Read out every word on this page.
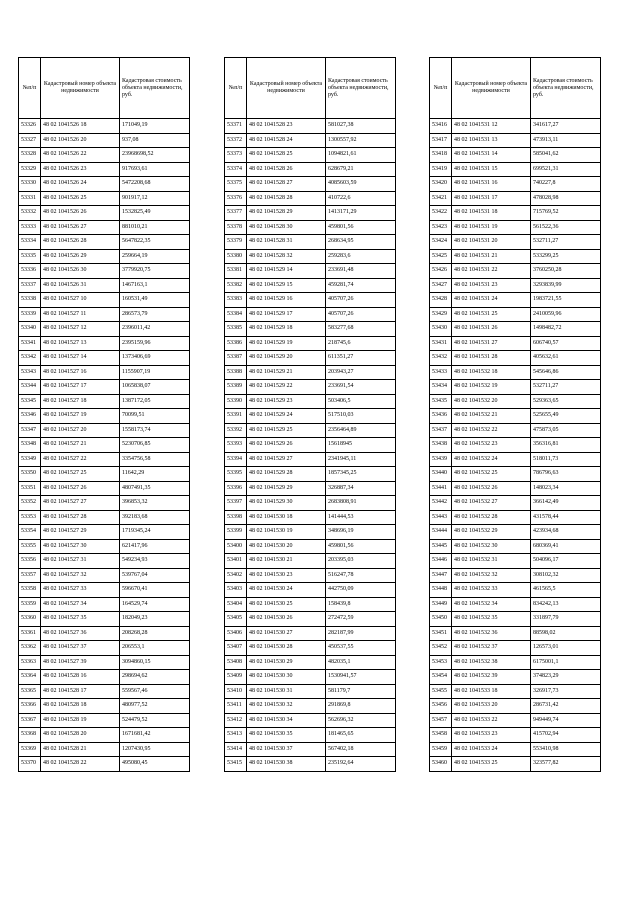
№п/п	Кадастровый номер объекта недвижимости	Кадастровая стоимость объекта недвижимости, руб.
53326	48 02 1041526 18	171049,19
53327	48 02 1041526 20	937,08
53328	48 02 1041526 22	23968698,52
53329	48 02 1041526 23	917693,61
53330	48 02 1041526 24	5472208,68
53331	48 02 1041526 25	901917,12
53332	48 02 1041526 26	1532825,49
53333	48 02 1041526 27	881010,21
53334	48 02 1041526 28	5647822,35
53335	48 02 1041526 29	259664,19
53336	48 02 1041526 30	3779920,75
53337	48 02 1041526 31	1467163,1
53338	48 02 1041527 10	160531,49
53339	48 02 1041527 11	286573,79
53340	48 02 1041527 12	2396011,42
53341	48 02 1041527 13	2395159,96
53342	48 02 1041527 14	1373406,69
53343	48 02 1041527 16	1155907,19
53344	48 02 1041527 17	1065838,07
53345	48 02 1041527 18	1387172,05
53346	48 02 1041527 19	70099,51
53347	48 02 1041527 20	1558173,74
53348	48 02 1041527 21	5230706,85
53349	48 02 1041527 22	3354756,58
53350	48 02 1041527 25	11642,29
53351	48 02 1041527 26	4807491,35
53352	48 02 1041527 27	396853,32
53353	48 02 1041527 28	392183,68
53354	48 02 1041527 29	1719345,24
53355	48 02 1041527 30	621417,96
53356	48 02 1041527 31	549234,93
53357	48 02 1041527 32	539767,04
53358	48 02 1041527 33	596670,41
53359	48 02 1041527 34	164529,74
53360	48 02 1041527 35	182049,23
53361	48 02 1041527 36	208268,28
53362	48 02 1041527 37	206553,1
53363	48 02 1041527 39	3094860,15
53364	48 02 1041528 16	298694,62
53365	48 02 1041528 17	559567,46
53366	48 02 1041528 18	480977,52
53367	48 02 1041528 19	524479,52
53368	48 02 1041528 20	1671681,42
53369	48 02 1041528 21	1207430,95
53370	48 02 1041528 22	495080,45
№п/п	Кадастровый номер объекта недвижимости	Кадастровая стоимость объекта недвижимости, руб.
53371	48 02 1041528 23	581027,38
53372	48 02 1041528 24	1300557,92
53373	48 02 1041528 25	1094821,61
53374	48 02 1041528 26	628679,21
53375	48 02 1041528 27	4085603,59
53376	48 02 1041528 28	410722,6
53377	48 02 1041528 29	1413171,29
53378	48 02 1041528 30	459801,56
53379	48 02 1041528 31	268634,95
53380	48 02 1041528 32	259283,6
53381	48 02 1041529 14	233691,48
53382	48 02 1041529 15	459281,74
53383	48 02 1041529 16	405707,26
53384	48 02 1041529 17	405707,26
53385	48 02 1041529 18	583277,68
53386	48 02 1041529 19	218745,6
53387	48 02 1041529 20	611351,27
53388	48 02 1041529 21	203943,27
53389	48 02 1041529 22	233691,54
53390	48 02 1041529 23	503406,5
53391	48 02 1041529 24	517510,03
53392	48 02 1041529 25	2356464,89
53393	48 02 1041529 26	15618945
53394	48 02 1041529 27	2341945,11
53395	48 02 1041529 28	1857345,25
53396	48 02 1041529 29	326887,34
53397	48 02 1041529 30	2683808,91
53398	48 02 1041530 18	141444,53
53399	48 02 1041530 19	348696,19
53400	48 02 1041530 20	459801,56
53401	48 02 1041530 21	203395,03
53402	48 02 1041530 23	516247,78
53403	48 02 1041530 24	442750,09
53404	48 02 1041530 25	158439,8
53405	48 02 1041530 26	272472,59
53406	48 02 1041530 27	282187,99
53407	48 02 1041530 28	450537,55
53408	48 02 1041530 29	482035,1
53409	48 02 1041530 30	1530941,57
53410	48 02 1041530 31	581179,7
53411	48 02 1041530 32	291869,8
53412	48 02 1041530 34	562696,32
53413	48 02 1041530 35	181465,65
53414	48 02 1041530 37	567402,18
53415	48 02 1041530 38	235192,64
№п/п	Кадастровый номер объекта недвижимости	Кадастровая стоимость объекта недвижимости, руб.
53416	48 02 1041531 12	341617,27
53417	48 02 1041531 13	473913,11
53418	48 02 1041531 14	585041,62
53419	48 02 1041531 15	699521,31
53420	48 02 1041531 16	740227,8
53421	48 02 1041531 17	478028,98
53422	48 02 1041531 18	715769,52
53423	48 02 1041531 19	561522,36
53424	48 02 1041531 20	532711,27
53425	48 02 1041531 21	533299,25
53426	48 02 1041531 22	3760250,28
53427	48 02 1041531 23	3293839,99
53428	48 02 1041531 24	1983721,55
53429	48 02 1041531 25	2410059,96
53430	48 02 1041531 26	1498482,72
53431	48 02 1041531 27	606740,57
53432	48 02 1041531 28	405632,61
53433	48 02 1041532 18	545646,86
53434	48 02 1041532 19	532711,27
53435	48 02 1041532 20	529363,65
53436	48 02 1041532 21	525655,49
53437	48 02 1041532 22	475873,05
53438	48 02 1041532 23	356316,81
53439	48 02 1041532 24	518011,73
53440	48 02 1041532 25	786796,63
53441	48 02 1041532 26	148023,34
53442	48 02 1041532 27	366142,49
53443	48 02 1041532 28	431578,44
53444	48 02 1041532 29	423934,68
53445	48 02 1041532 30	680369,41
53446	48 02 1041532 31	504096,17
53447	48 02 1041532 32	308102,32
53448	48 02 1041532 33	461565,5
53449	48 02 1041532 34	834242,13
53450	48 02 1041532 35	331897,79
53451	48 02 1041532 36	88598,02
53452	48 02 1041532 37	126573,01
53453	48 02 1041532 38	6175001,1
53454	48 02 1041532 39	374823,29
53455	48 02 1041533 18	326917,73
53456	48 02 1041533 20	286731,42
53457	48 02 1041533 22	949449,74
53458	48 02 1041533 23	415702,94
53459	48 02 1041533 24	553410,98
53460	48 02 1041533 25	323577,82
